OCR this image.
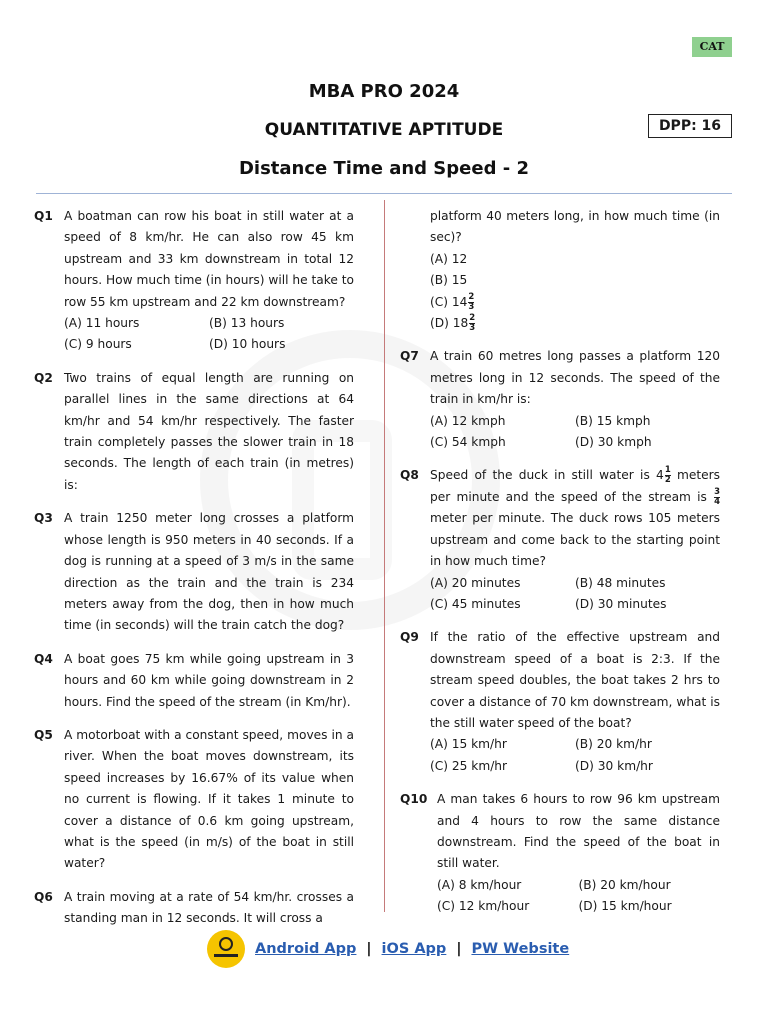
CAT
MBA PRO 2024
QUANTITATIVE APTITUDE	DPP: 16
Distance Time and Speed - 2
Q1 A boatman can row his boat in still water at a speed of 8 km/hr. He can also row 45 km upstream and 33 km downstream in total 12 hours. How much time (in hours) will he take to row 55 km upstream and 22 km downstream?
(A) 11 hours	(B) 13 hours
(C) 9 hours	(D) 10 hours
Q2 Two trains of equal length are running on parallel lines in the same directions at 64 km/hr and 54 km/hr respectively. The faster train completely passes the slower train in 18 seconds. The length of each train (in metres) is:
Q3 A train 1250 meter long crosses a platform whose length is 950 meters in 40 seconds. If a dog is running at a speed of 3 m/s in the same direction as the train and the train is 234 meters away from the dog, then in how much time (in seconds) will the train catch the dog?
Q4 A boat goes 75 km while going upstream in 3 hours and 60 km while going downstream in 2 hours. Find the speed of the stream (in Km/hr).
Q5 A motorboat with a constant speed, moves in a river. When the boat moves downstream, its speed increases by 16.67% of its value when no current is flowing. If it takes 1 minute to cover a distance of 0.6 km going upstream, what is the speed (in m/s) of the boat in still water?
Q6 A train moving at a rate of 54 km/hr. crosses a standing man in 12 seconds. It will cross a
platform 40 meters long, in how much time (in sec)?
(A) 12
(B) 15
(C) $14 \frac{2}{3}$
(D) $18 \frac{2}{3}$
Q7 A train 60 metres long passes a platform 120 metres long in 12 seconds. The speed of the train in km/hr is:
(A) 12 kmph	(B) 15 kmph
(C) 54 kmph	(D) 30 kmph
Q8 Speed of the duck in still water is $4 \frac{1}{2}$ meters per minute and the speed of the stream is $\frac{3}{4}$
meter per minute. The duck rows 105 meters upstream and come back to the starting point in how much time?
(A) 20 minutes	(B) 48 minutes
(C) 45 minutes	(D) 30 minutes
Q9 If the ratio of the effective upstream and downstream speed of a boat is 2:3. If the stream speed doubles, the boat takes 2 hrs to cover a distance of 70 km downstream, what is the still water speed of the boat?
(A) 15 km/hr	(B) 20 km/hr
(C) 25 km/hr	(D) 30 km/hr
Q10 A man takes 6 hours to row 96 km upstream and 4 hours to row the same distance downstream. Find the speed of the boat in still water.
(A) 8 km/hour	(B) 20 km/hour
(C) 12 km/hour	(D) 15 km/hour
Android App | iOS App | PW Website
